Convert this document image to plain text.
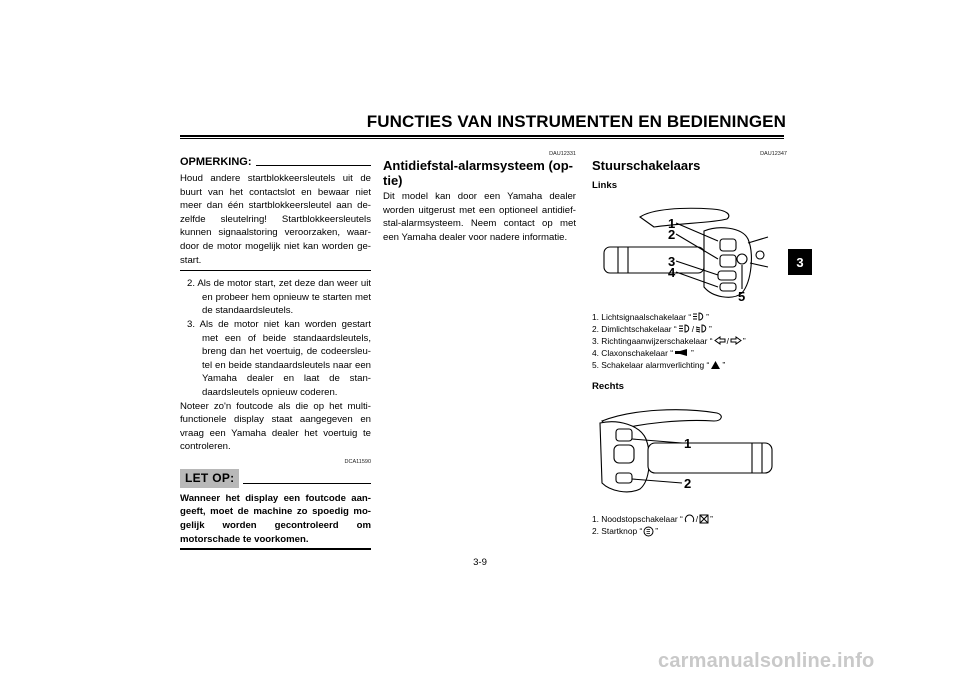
FUNCTIES VAN INSTRUMENTEN EN BEDIENINGEN
3
OPMERKING:
Houd andere startblokkeersleutels uit de buurt van het contactslot en bewaar niet meer dan één startblokkeersleutel aan de-zelfde sleutelring! Startblokkeersleutels kunnen signaalstoring veroorzaken, waar-door de motor mogelijk niet kan worden ge-start.
2. Als de motor start, zet deze dan weer uit en probeer hem opnieuw te starten met de standaardsleutels.
3. Als de motor niet kan worden gestart met een of beide standaardsleutels, breng dan het voertuig, de codeersleu-tel en beide standaardsleutels naar een Yamaha dealer en laat de stan-daardsleutels opnieuw coderen.
Noteer zo'n foutcode als die op het multi-functionele display staat aangegeven en vraag een Yamaha dealer het voertuig te controleren.
DCA11590
LET OP:
Wanneer het display een foutcode aan-geeft, moet de machine zo spoedig mo-gelijk worden gecontroleerd om motorschade te voorkomen.
DAU12331
Antidiefstal-alarmsysteem (op-tie)
Dit model kan door een Yamaha dealer worden uitgerust met een optioneel antidief-stal-alarmsysteem. Neem contact op met een Yamaha dealer voor nadere informatie.
DAU12347
Stuurschakelaars
Links
1
2
3
4
5
1. Lichtsignaalschakelaar “ ”
2. Dimlichtschakelaar “ / ”
3. Richtingaanwijzerschakelaar “ / ”
4. Claxonschakelaar “ ”
5. Schakelaar alarmverlichting “ ”
Rechts
1
2
1. Noodstopschakelaar “ / ”
2. Startknop “ ”
3-9
carmanualsonline.info
